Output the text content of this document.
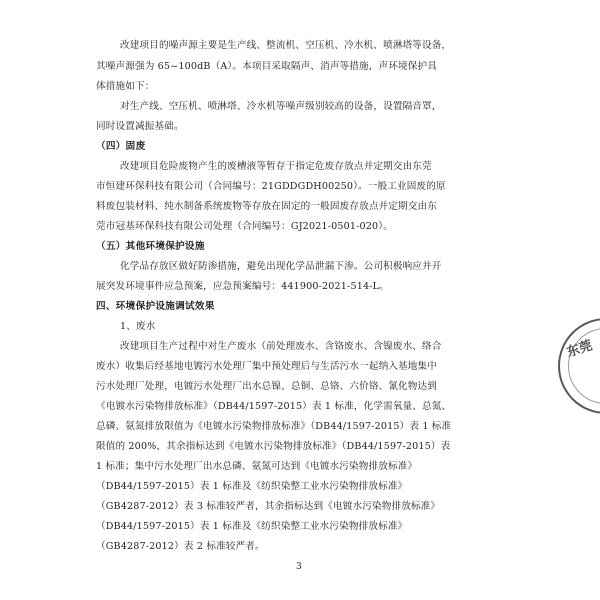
改建项目的噪声源主要是生产线、整流机、空压机、冷水机、喷淋塔等设备，
其噪声源强为 65~100dB（A）。本项目采取隔声、消声等措施，声环境保护具
体措施如下：
对生产线、空压机、喷淋塔、冷水机等噪声级别较高的设备，设置隔音罩，
同时设置减振基础。
（四）固废
改建项目危险废物产生的废槽液等暂存于指定危废存放点并定期交由东莞
市恒建环保科技有限公司（合同编号：21GDDGDH00250）。一般工业固废的原
料废包装材料、纯水制备系统废物等存放在固定的一般固废存放点并定期交由东
莞市冠基环保科技有限公司处理（合同编号：GJ2021-0501-020）。
（五）其他环境保护设施
化学品存放区做好防渗措施，避免出现化学品泄漏下渗。公司积极响应并开
展突发环境事件应急预案，应急预案编号：441900-2021-514-L。
四、环境保护设施调试效果
1、废水
改建项目生产过程中对生产废水（前处理废水、含铬废水、含镍废水、络合
废水）收集后经基地电镀污水处理厂集中预处理后与生活污水一起纳入基地集中
污水处理厂处理，电镀污水处理厂出水总镍、总铜、总铬、六价铬、氰化物达到
《电镀水污染物排放标准》（DB44/1597-2015）表 1 标准，化学需氧量、总氮、
总磷、氨氮排放限值为《电镀水污染物排放标准》（DB44/1597-2015）表 1 标准
限值的 200%，其余指标达到《电镀水污染物排放标准》（DB44/1597-2015）表
1 标准；集中污水处理厂出水总磷、氨氮可达到《电镀水污染物排放标准》
（DB44/1597-2015）表 1 标准及《纺织染整工业水污染物排放标准》
（GB4287-2012）表 3 标准较严者，其余指标达到《电镀水污染物排放标准》
（DB44/1597-2015）表 1 标准及《纺织染整工业水污染物排放标准》
（GB4287-2012）表 2 标准较严者。
3
东莞
